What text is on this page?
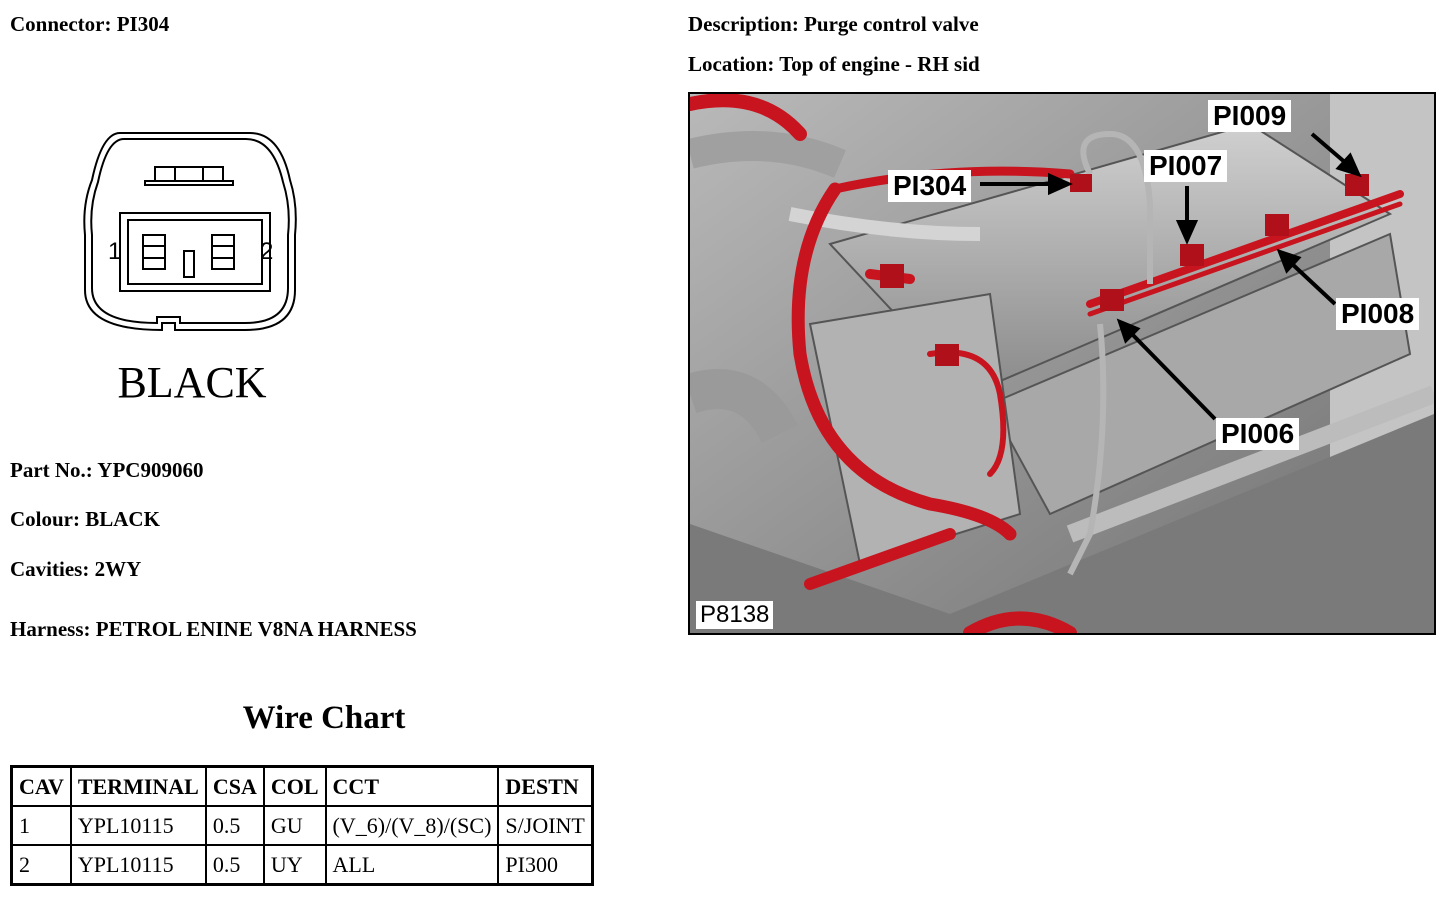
Connector: PI304	Description: Purge control valve
Location: Top of engine - RH sid
1	2
BLACK
Part No.: YPC909060
Colour: BLACK
Cavities: 2WY
Harness: PETROL ENINE V8NA HARNESS
Wire Chart
CAV	TERMINAL	CSA	COL	CCT	DESTN
1	YPL10115	0.5	GU	(V_6)/(V_8)/(SC)	S/JOINT
2	YPL10115	0.5	UY	ALL	PI300
PI304
PI007
PI009
PI008
PI006
P8138
